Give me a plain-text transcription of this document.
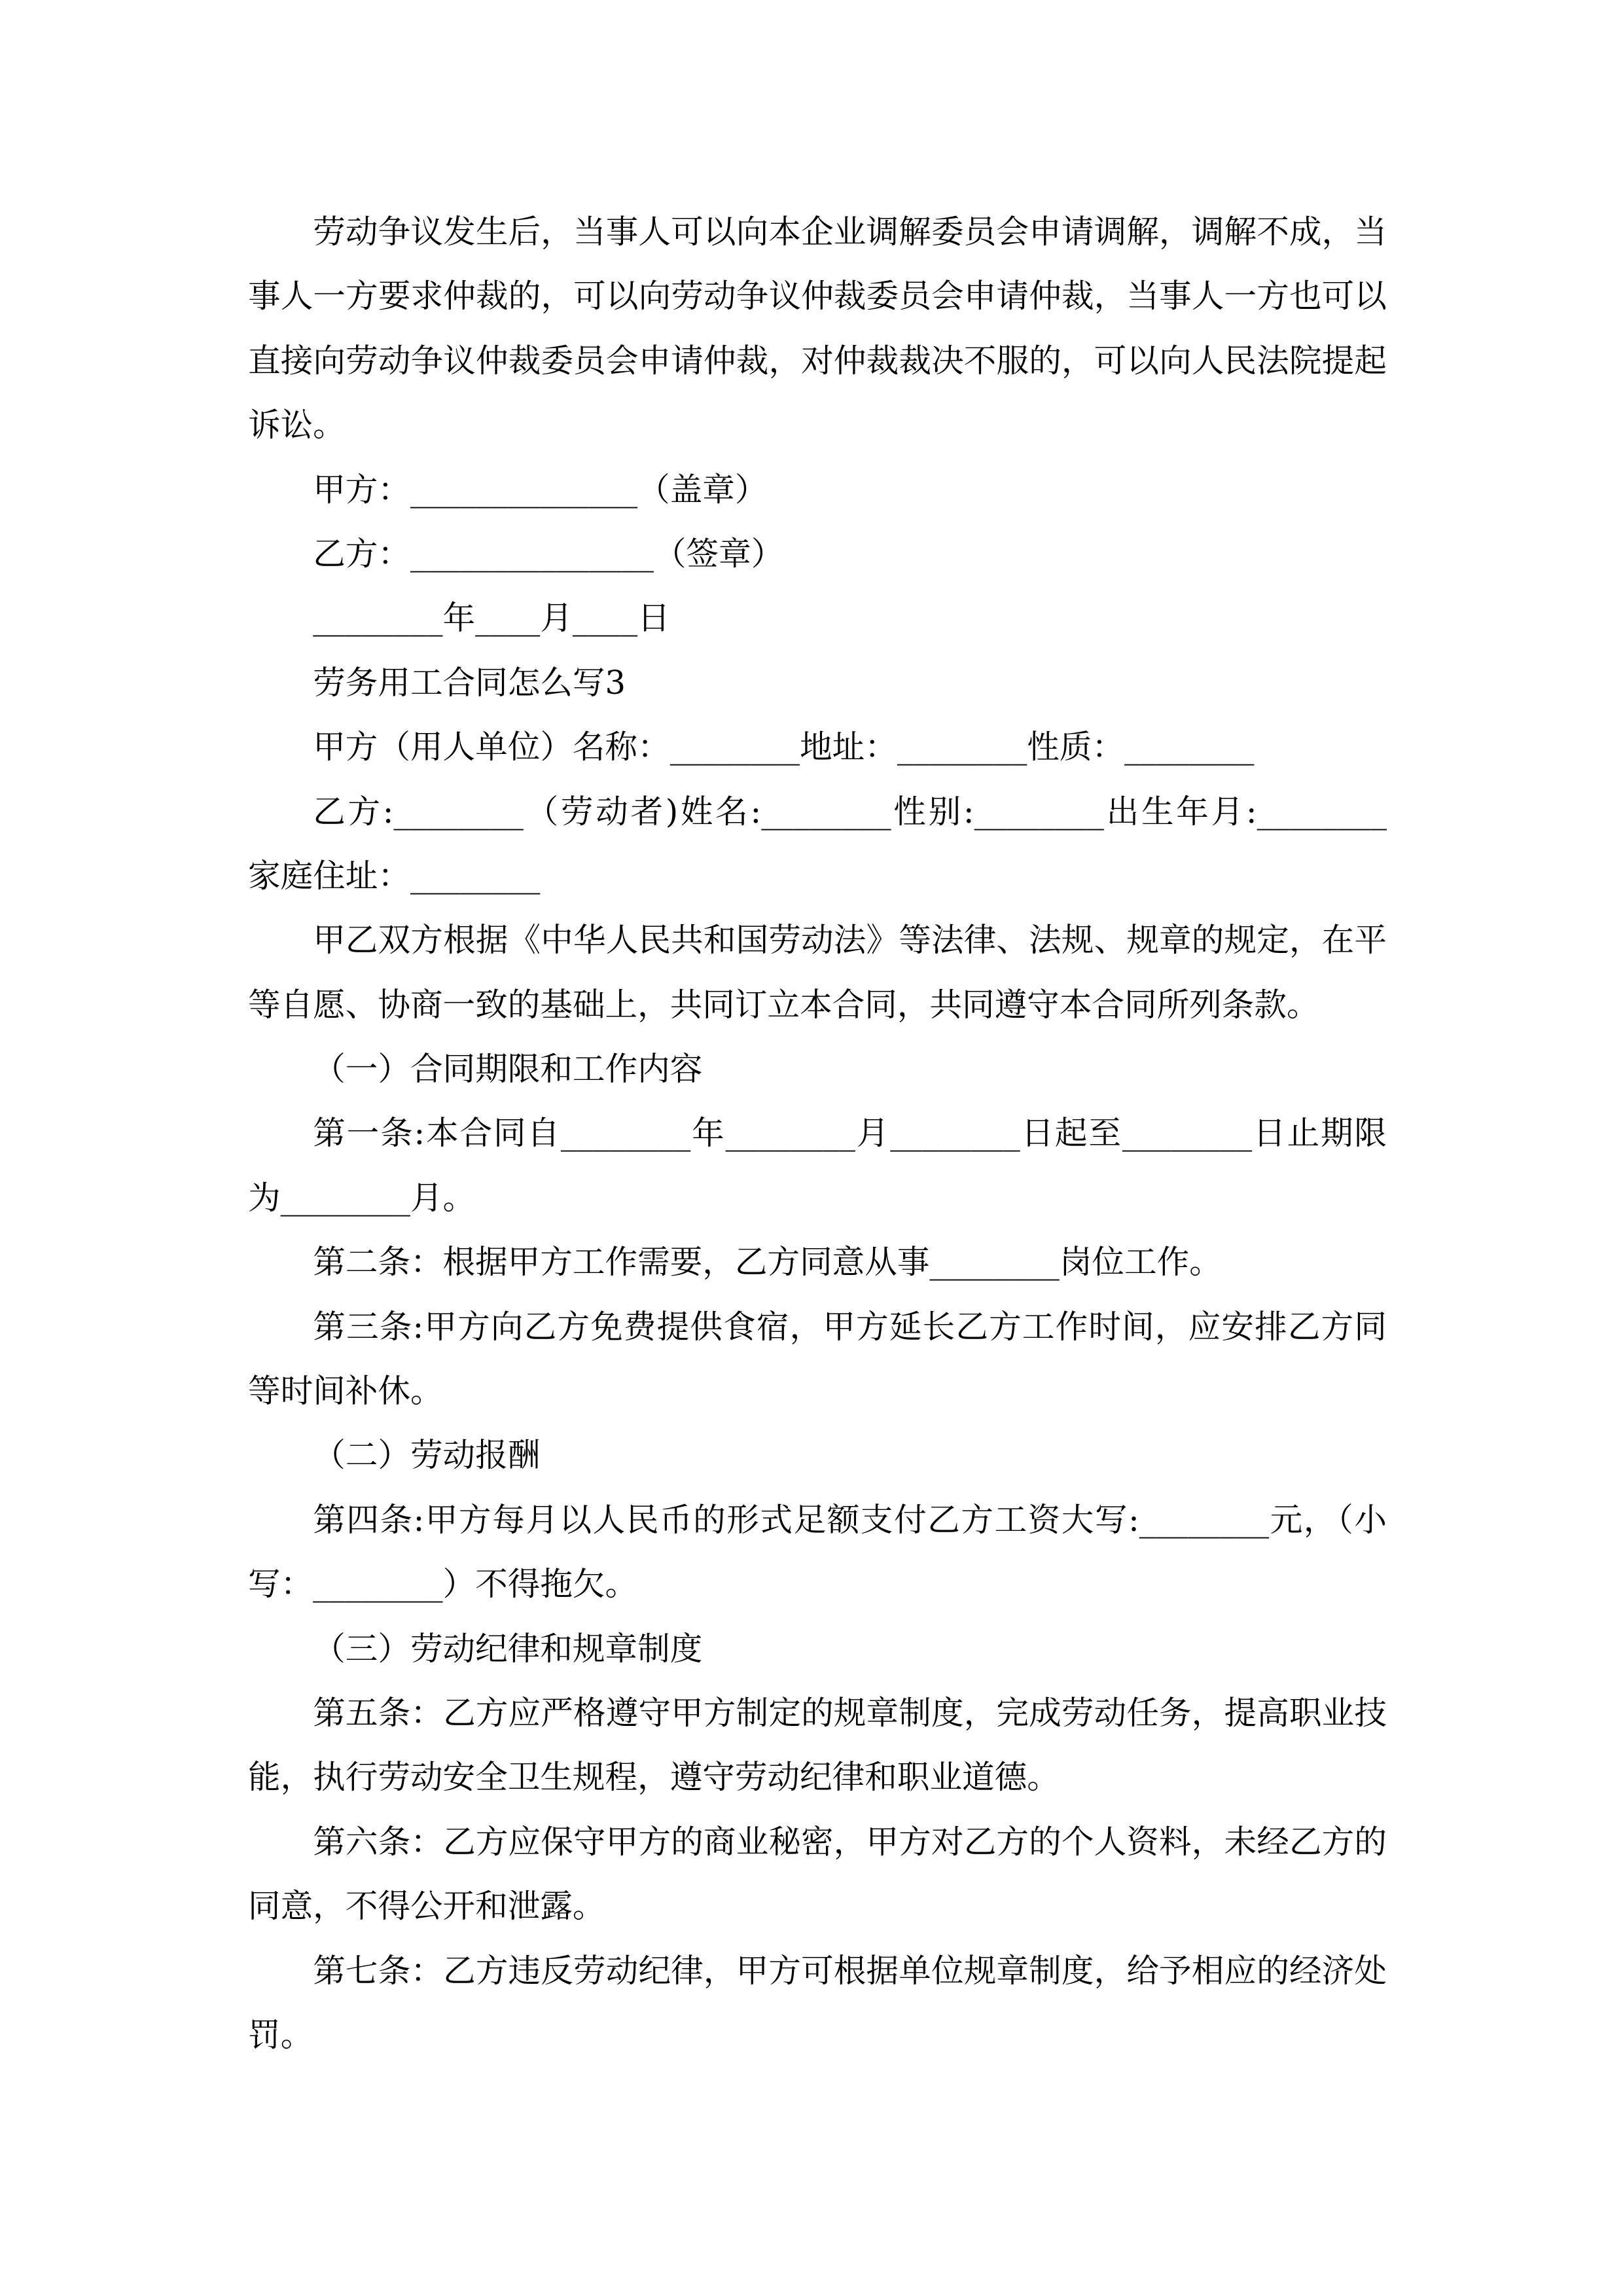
劳动争议发生后，当事人可以向本企业调解委员会申请调解，调解不成，当
事人一方要求仲裁的，可以向劳动争议仲裁委员会申请仲裁，当事人一方也可以
直接向劳动争议仲裁委员会申请仲裁，对仲裁裁决不服的，可以向人民法院提起
诉讼。
甲方：______________（盖章）
乙方：_______________（签章）
________年____月____日
劳务用工合同怎么写3
甲方（用人单位）名称：________地址：________性质：________
乙方:________（劳动者)姓名:________性别:________出生年月:________
家庭住址：________
甲乙双方根据《中华人民共和国劳动法》等法律、法规、规章的规定，在平
等自愿、协商一致的基础上，共同订立本合同，共同遵守本合同所列条款。
（一）合同期限和工作内容
第一条:本合同自________年________月________日起至________日止期限
为________月。
第二条：根据甲方工作需要，乙方同意从事________岗位工作。
第三条:甲方向乙方免费提供食宿，甲方延长乙方工作时间，应安排乙方同
等时间补休。
（二）劳动报酬
第四条:甲方每月以人民币的形式足额支付乙方工资大写:________元，（小
写：________）不得拖欠。
（三）劳动纪律和规章制度
第五条：乙方应严格遵守甲方制定的规章制度，完成劳动任务，提高职业技
能，执行劳动安全卫生规程，遵守劳动纪律和职业道德。
第六条：乙方应保守甲方的商业秘密，甲方对乙方的个人资料，未经乙方的
同意，不得公开和泄露。
第七条：乙方违反劳动纪律，甲方可根据单位规章制度，给予相应的经济处
罚。
